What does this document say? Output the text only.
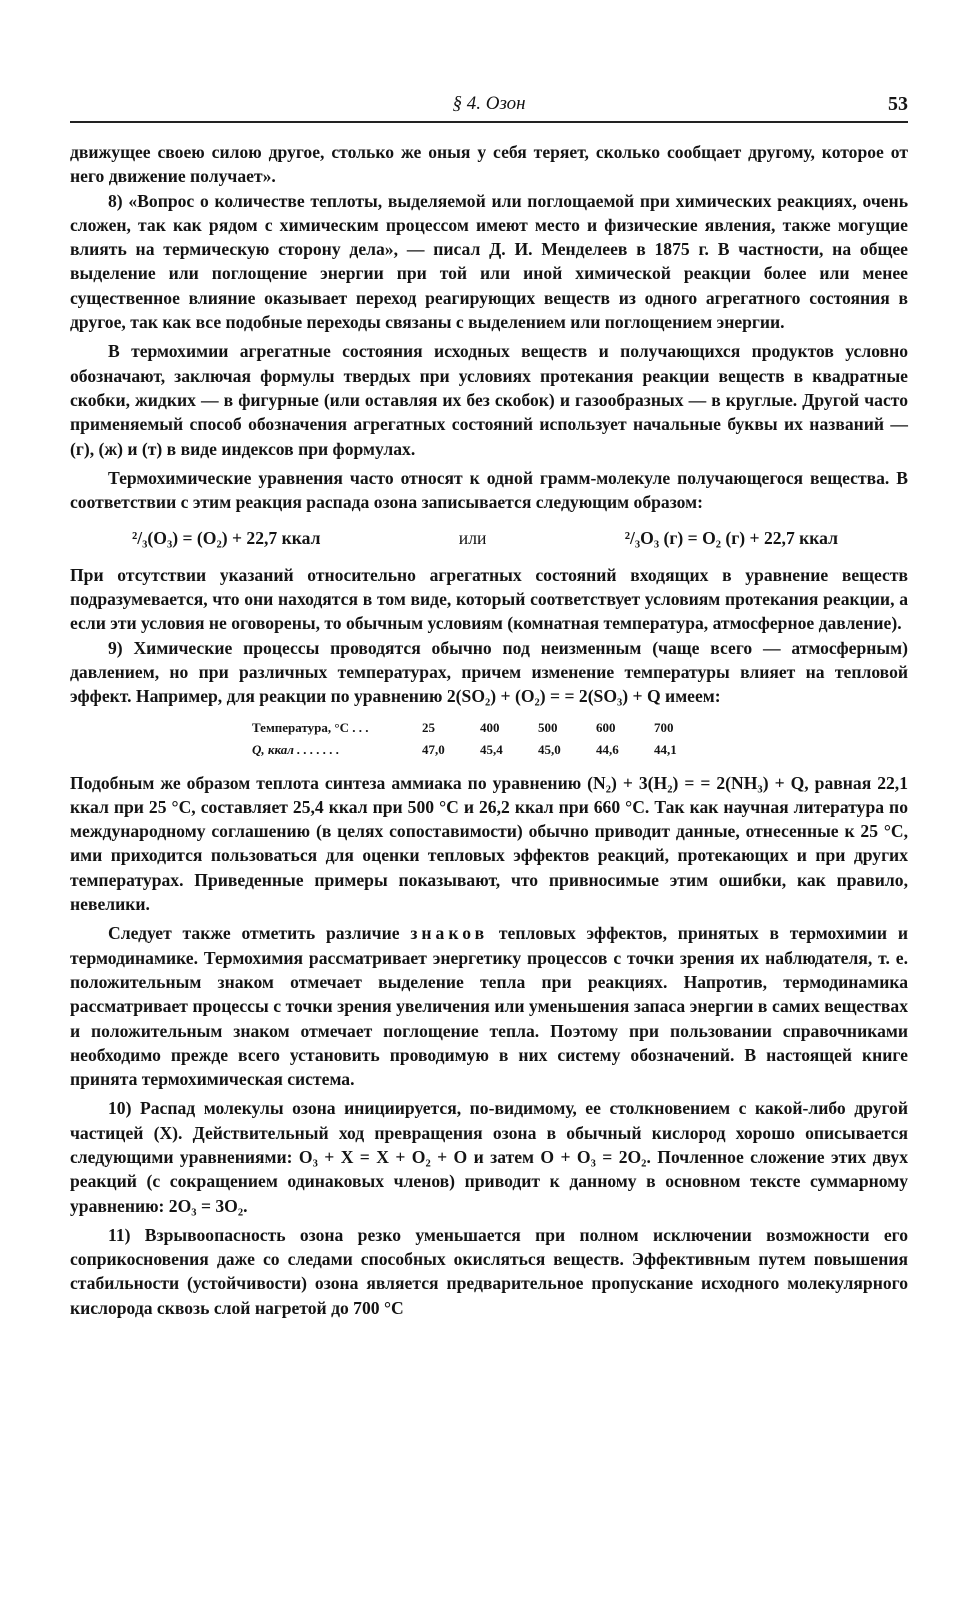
§ 4. Озон	53

движущее своею силою другое, столько же оныя у себя теряет, сколько сообщает другому, которое от него движение получает».

8) «Вопрос о количестве теплоты, выделяемой или поглощаемой при химических реакциях, очень сложен, так как рядом с химическим процессом имеют место и физические явления, также могущие влиять на термическую сторону дела», — писал Д. И. Менделеев в 1875 г. В частности, на общее выделение или поглощение энергии при той или иной химической реакции более или менее существенное влияние оказывает переход реагирующих веществ из одного агрегатного состояния в другое, так как все подобные переходы связаны с выделением или поглощением энергии.

В термохимии агрегатные состояния исходных веществ и получающихся продуктов условно обозначают, заключая формулы твердых при условиях протекания реакции веществ в квадратные скобки, жидких — в фигурные (или оставляя их без скобок) и газообразных — в круглые. Другой часто применяемый способ обозначения агрегатных состояний использует начальные буквы их названий — (г), (ж) и (т) в виде индексов при формулах.

Термохимические уравнения часто относят к одной грамм-молекуле получающегося вещества. В соответствии с этим реакция распада озона записывается следующим образом:

²/₃(O₃) = (O₂) + 22,7 ккал	или	²/₃O₃ (г) = O₂ (г) + 22,7 ккал

При отсутствии указаний относительно агрегатных состояний входящих в уравнение веществ подразумевается, что они находятся в том виде, который соответствует условиям протекания реакции, а если эти условия не оговорены, то обычным условиям (комнатная температура, атмосферное давление).

9) Химические процессы проводятся обычно под неизменным (чаще всего — атмосферным) давлением, но при различных температурах, причем изменение температуры влияет на тепловой эффект. Например, для реакции по уравнению 2(SO₂) + (O₂) = = 2(SO₃) + Q имеем:

Температура, °C . . .	25	400	500	600	700
Q, ккал . . . . . . .	47,0	45,4	45,0	44,6	44,1

Подобным же образом теплота синтеза аммиака по уравнению (N₂) + 3(H₂) = = 2(NH₃) + Q, равная 22,1 ккал при 25 °C, составляет 25,4 ккал при 500 °C и 26,2 ккал при 660 °C. Так как научная литература по международному соглашению (в целях сопоставимости) обычно приводит данные, отнесенные к 25 °C, ими приходится пользоваться для оценки тепловых эффектов реакций, протекающих и при других температурах. Приведенные примеры показывают, что привносимые этим ошибки, как правило, невелики.

Следует также отметить различие знаков тепловых эффектов, принятых в термохимии и термодинамике. Термохимия рассматривает энергетику процессов с точки зрения их наблюдателя, т. е. положительным знаком отмечает выделение тепла при реакциях. Напротив, термодинамика рассматривает процессы с точки зрения увеличения или уменьшения запаса энергии в самих веществах и положительным знаком отмечает поглощение тепла. Поэтому при пользовании справочниками необходимо прежде всего установить проводимую в них систему обозначений. В настоящей книге принята термохимическая система.

10) Распад молекулы озона инициируется, по-видимому, ее столкновением с какой-либо другой частицей (X). Действительный ход превращения озона в обычный кислород хорошо описывается следующими уравнениями: O₃ + X = X + O₂ + O и затем O + O₃ = 2O₂. Почленное сложение этих двух реакций (с сокращением одинаковых членов) приводит к данному в основном тексте суммарному уравнению: 2O₃ = 3O₂.

11) Взрывоопасность озона резко уменьшается при полном исключении возможности его соприкосновения даже со следами способных окисляться веществ. Эффективным путем повышения стабильности (устойчивости) озона является предварительное пропускание исходного молекулярного кислорода сквозь слой нагретой до 700 °C
